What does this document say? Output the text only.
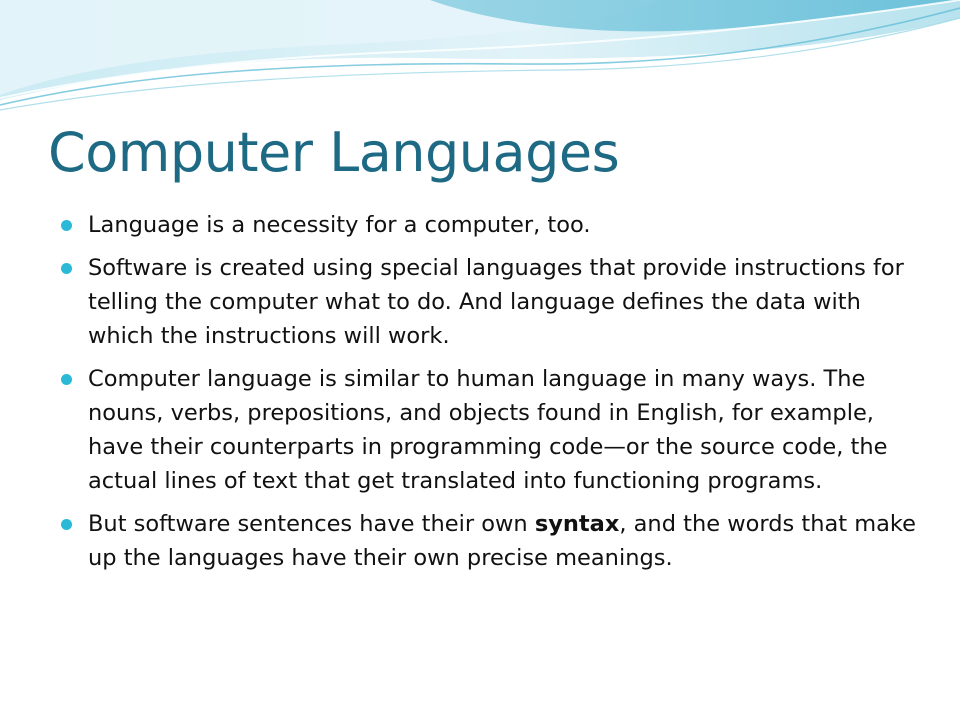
Computer Languages
Language is a necessity for a computer, too.
Software is created using special languages that provide instructions for telling the computer what to do. And language defines the data with which the instructions will work.
Computer language is similar to human language in many ways. The nouns, verbs, prepositions, and objects found in English, for example, have their counterparts in programming code—or the source code, the actual lines of text that get translated into functioning programs.
But software sentences have their own syntax, and the words that make up the languages have their own precise meanings.
